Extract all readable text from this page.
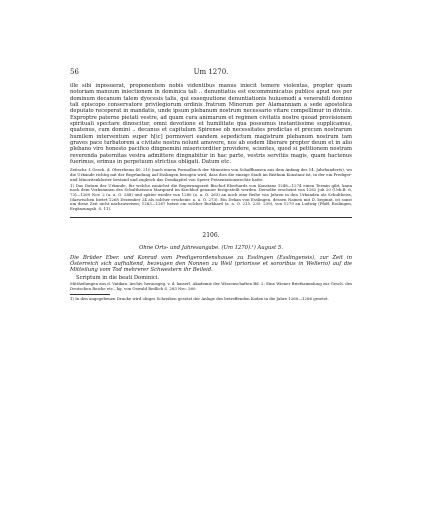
56	Um 1270.

ille sibi inposuerat, proponentem nobis videntibus manus iniecit temere violentas, propter quam notoriam manuum iniectionem in dominica tali .. denuntiatus est excommunicatus publice apud nos per dominum decanum talem dyocesis talis, qui exsequutione denuntiationis huiusmodi a venerabili domino tali episcopo conservatore privilegiorum ordinis fratrum Minorum per Alamanniam a sede apostolica deputato receperat in mandatis, unde ipsum plebanum nostrum necessario vitare compellimur in divinis. Exproptre paterne pietati vestre, ad quam cura animarum et regimen civitatis nostre quoad provisionem spirituali spectare dinoscitur, omni devotione et humilitate qua possumus instantissime supplicamus, quatenus, cum domini .. decanus et capitulum Spirense ob necessitates predictas et precum nostrarum humilem interventum super h[ic] pormoveri eandem sepedictum magistrum plebanum nostrum tam graves pace turbatorem a civitate nostra nolunt amovere, nos ab eodem liberare propter deum et in alio plebano viro honesto pacifico dingnemini misericorditer providere, scientes, quod si petitionem nostram reverenda paternitas vestra admittere dingnabitur in hac parte, vestris servitiis magis, quam hactenus fuerimus, erimus in perpetuum strictius obligati. Datum etc.

Zeitschr. f. Gesch. d. Oberrheins 40, 210 (nach einem Formelbuch der Minoriten von Schaffhausen aus dem Anfang des 14. Jahrhunderts), wo die Urkunde richtig mit der Begründung auf Esslingen bezogen wird, dass dies die einzige Stadt im Bisthum Konstanz ist, in der ein Prediger- und Minoritenkloster bestand und zugleich das Domkapitel von Speier Präsentationsrechte hatte.

1) Das Datum der Urkunde, für welche zunächst die Regierungszeit Bischof Eberhards von Konstanz 1248—1274 einen Termin gibt, kann nach dem Vorkommen des Schultheissen Marquard im Kirchhof genauer festgestellt werden. Derselbe erscheint von 1262 Juli 20 (Urk.B. 6, 73)—1269 Nov. 2 (a. a. O. 288) und später wieder von 1280 (a. a. O. 263) an noch eine Reihe von Jahren in den Urkunden als Schultheiss, (dazwischen bietet 1268 Dezember 24 als solcher erscheint: a. a. O. 273). Ein Dekan von Esslingen, dessen Namen mit D. beginnt, ist sonst um diese Zeit nicht nachzuweisen; 1263—1267 heisst ein solcher Burkhard (a. a. O. 215. 235. 239), von 1279 an Ludwig (Pfaff, Esslingen, Ergänzungsb. S. 11).

2106.
Ohne Orts- und Jahresangabe. (Um 1270).¹) August 5.
Die Brüder Eber. und Konrad vom Predigerordenshause zu Esslingen (Esslingensis), zur Zeit in Österreich sich aufhaltend, bezeugen den Nonnen zu Weil (priorisse et sororibus in Wellerio) auf die Mitteilung vom Tod mehrerer Schwestern ihr Beileid.
Scriptum in die beati Dominici.

Mittheilungen aus d. Vatikan. Archiv, herausgeg. v. d. kaiserl. Akademie der Wissenschaften Bd. 2: Eine Wiener Briefsammlung zur Gesch. des Deutschen Reiche etc., hg. von Oswald Redlich S. 283 Nro. 260.

1) In den angegebenen Drucke wird obiges Schreiben gesetzt der Anlage des betreffenden Kodex in die Jahre 1260—1286 gesetzt.
